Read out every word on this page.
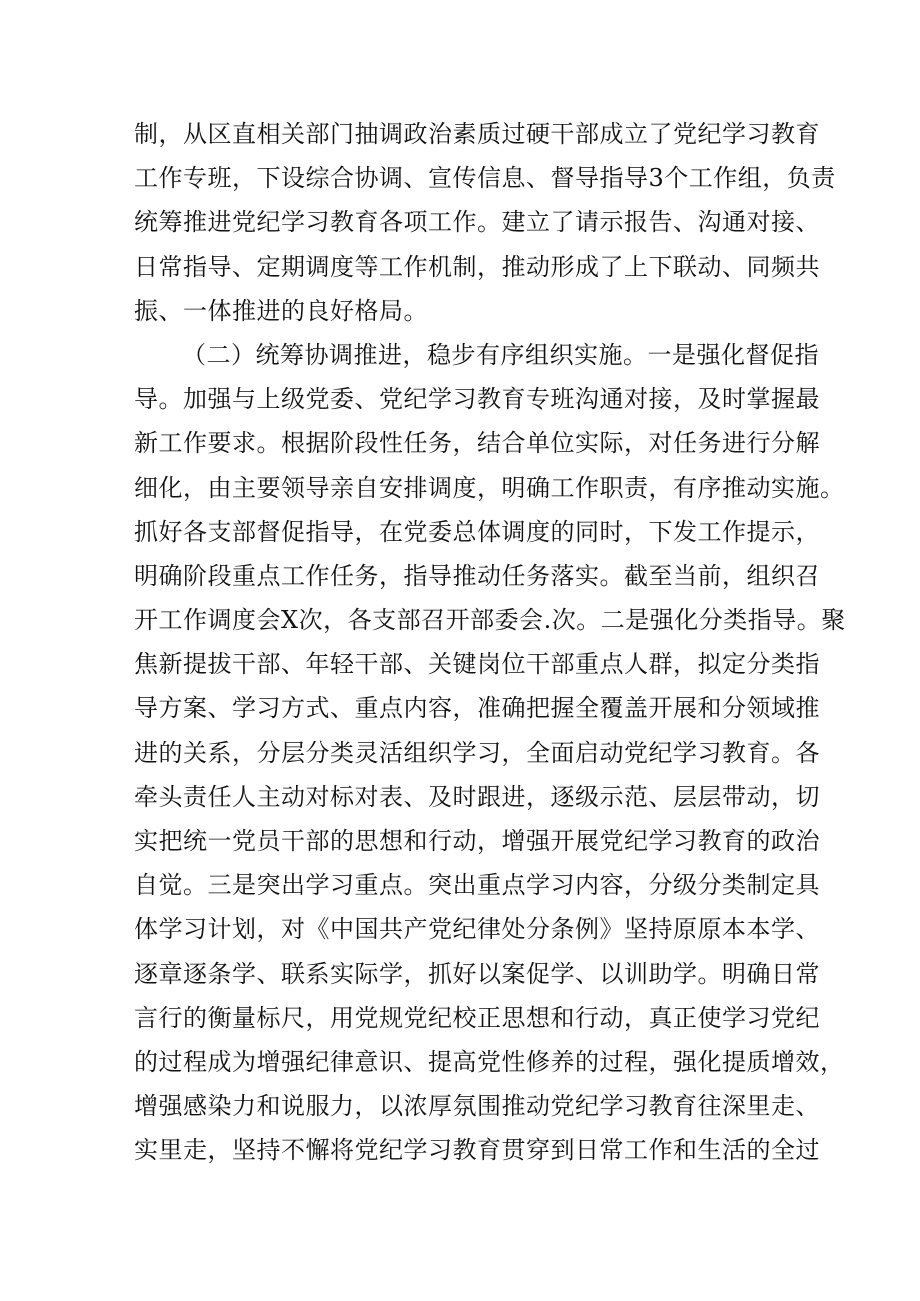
制，从区直相关部门抽调政治素质过硬干部成立了党纪学习教育
工作专班，下设综合协调、宣传信息、督导指导3个工作组，负责
统筹推进党纪学习教育各项工作。建立了请示报告、沟通对接、
日常指导、定期调度等工作机制，推动形成了上下联动、同频共
振、一体推进的良好格局。
（二）统筹协调推进，稳步有序组织实施。一是强化督促指
导。加强与上级党委、党纪学习教育专班沟通对接，及时掌握最
新工作要求。根据阶段性任务，结合单位实际，对任务进行分解
细化，由主要领导亲自安排调度，明确工作职责，有序推动实施。
抓好各支部督促指导，在党委总体调度的同时，下发工作提示，
明确阶段重点工作任务，指导推动任务落实。截至当前，组织召
开工作调度会X次，各支部召开部委会.次。二是强化分类指导。聚
焦新提拔干部、年轻干部、关键岗位干部重点人群，拟定分类指
导方案、学习方式、重点内容，准确把握全覆盖开展和分领域推
进的关系，分层分类灵活组织学习，全面启动党纪学习教育。各
牵头责任人主动对标对表、及时跟进，逐级示范、层层带动，切
实把统一党员干部的思想和行动，增强开展党纪学习教育的政治
自觉。三是突出学习重点。突出重点学习内容，分级分类制定具
体学习计划，对《中国共产党纪律处分条例》坚持原原本本学、
逐章逐条学、联系实际学，抓好以案促学、以训助学。明确日常
言行的衡量标尺，用党规党纪校正思想和行动，真正使学习党纪
的过程成为增强纪律意识、提高党性修养的过程，强化提质增效，
增强感染力和说服力，以浓厚氛围推动党纪学习教育往深里走、
实里走，坚持不懈将党纪学习教育贯穿到日常工作和生活的全过
